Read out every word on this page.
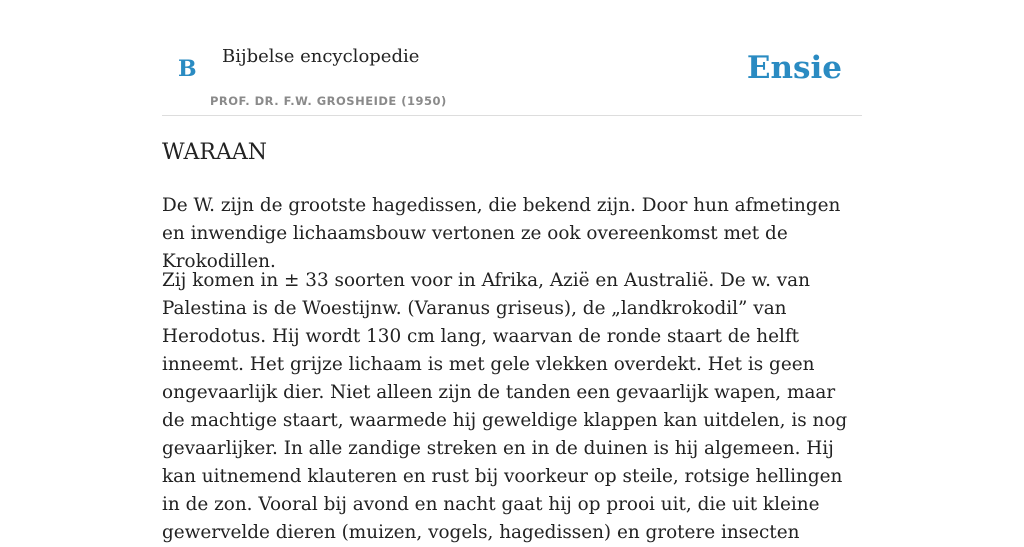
B Bijbelse encyclopedie
PROF. DR. F.W. GROSHEIDE (1950)
Ensie
WARAAN

De W. zijn de grootste hagedissen, die bekend zijn. Door hun afmetingen en inwendige lichaamsbouw vertonen ze ook overeenkomst met de Krokodillen.

Zij komen in ± 33 soorten voor in Afrika, Azië en Australië. De w. van Palestina is de Woestijnw. (Varanus griseus), de „landkrokodil” van Herodotus. Hij wordt 130 cm lang, waarvan de ronde staart de helft inneemt. Het grijze lichaam is met gele vlekken overdekt. Het is geen ongevaarlijk dier. Niet alleen zijn de tanden een gevaarlijk wapen, maar de machtige staart, waarmede hij geweldige klappen kan uitdelen, is nog gevaarlijker. In alle zandige streken en in de duinen is hij algemeen. Hij kan uitnemend klauteren en rust bij voorkeur op steile, rotsige hellingen in de zon. Vooral bij avond en nacht gaat hij op prooi uit, die uit kleine gewervelde dieren (muizen, vogels, hagedissen) en grotere insecten
